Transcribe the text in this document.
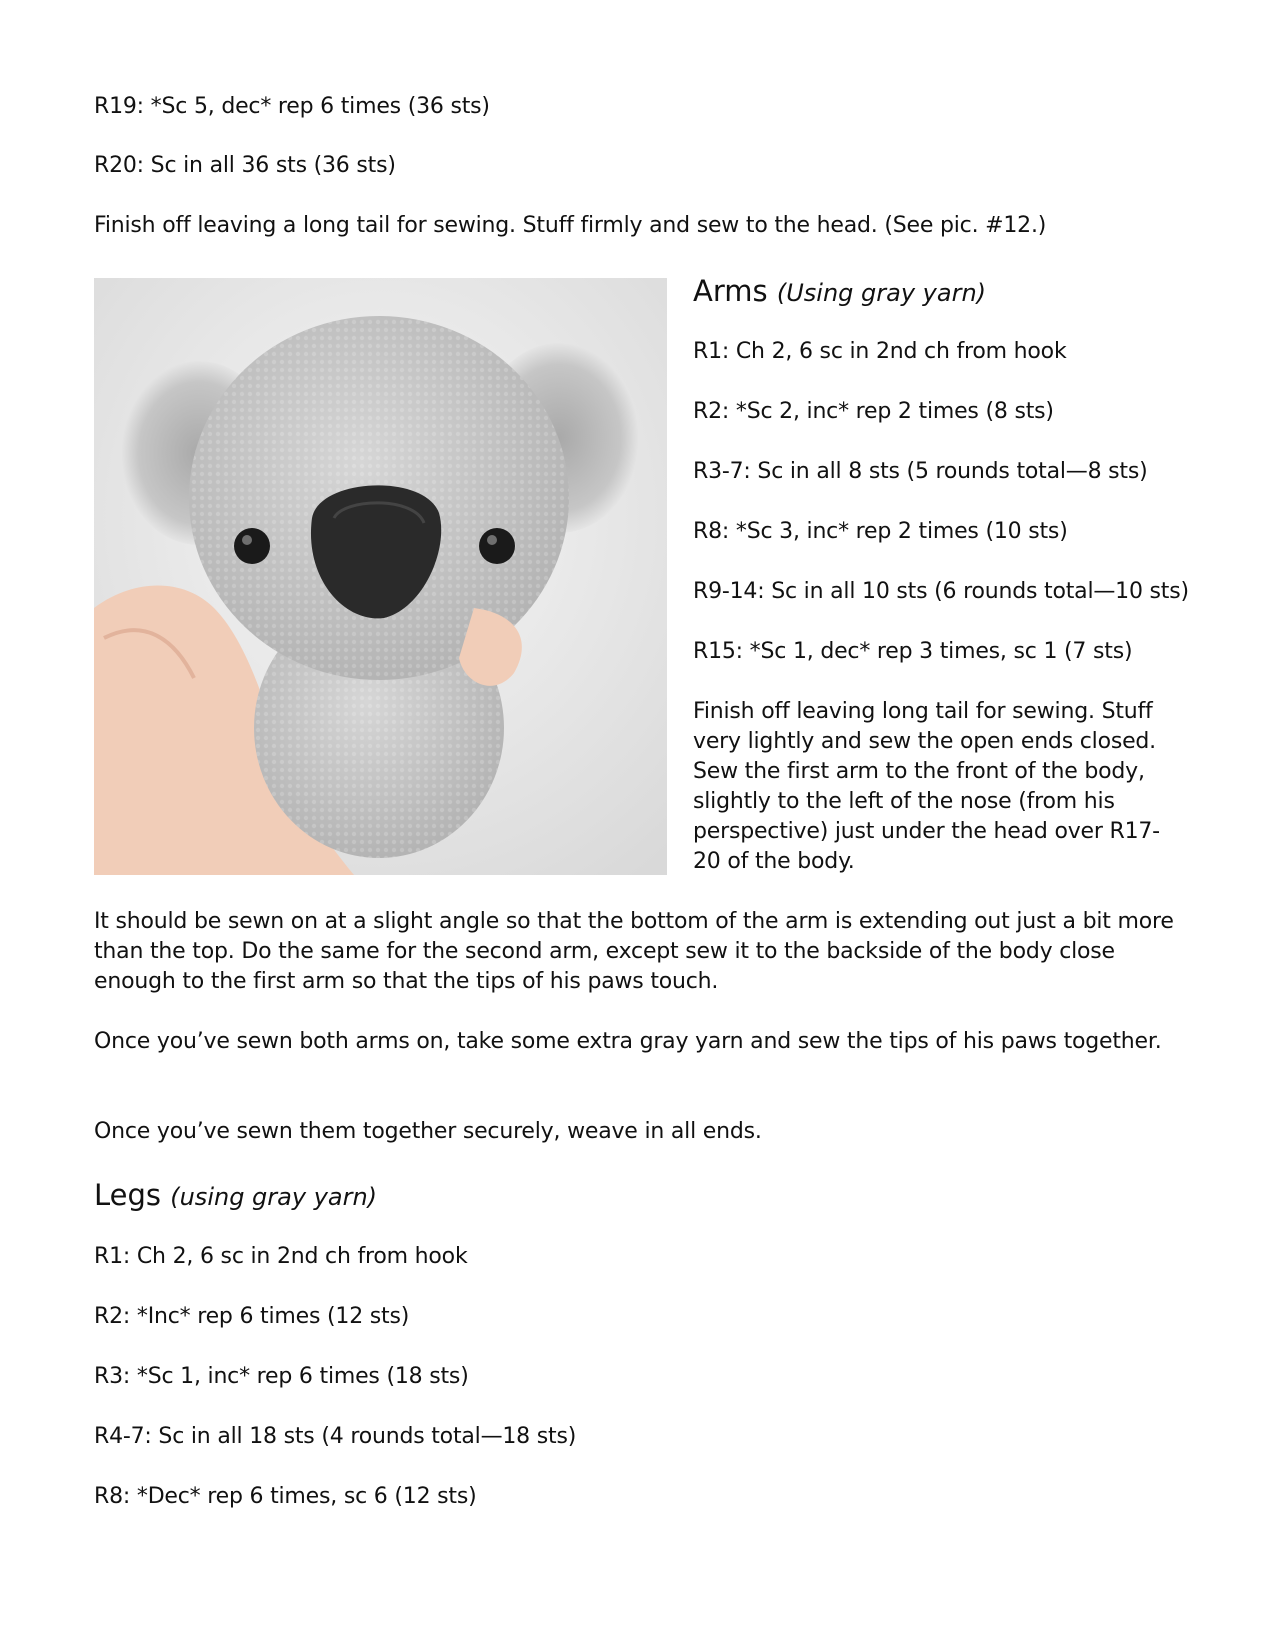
R19: *Sc 5, dec* rep 6 times (36 sts)
R20: Sc in all 36 sts (36 sts)
Finish off leaving a long tail for sewing. Stuff firmly and sew to the head. (See pic. #12.)
Arms (Using gray yarn)
R1: Ch 2, 6 sc in 2nd ch from hook
R2: *Sc 2, inc* rep 2 times (8 sts)
R3-7: Sc in all 8 sts (5 rounds total—8 sts)
R8: *Sc 3, inc* rep 2 times (10 sts)
R9-14: Sc in all 10 sts (6 rounds total—10 sts)
R15: *Sc 1, dec* rep 3 times, sc 1 (7 sts)
Finish off leaving long tail for sewing. Stuff very lightly and sew the open ends closed. Sew the first arm to the front of the body, slightly to the left of the nose (from his perspective) just under the head over R17-20 of the body.
It should be sewn on at a slight angle so that the bottom of the arm is extending out just a bit more than the top. Do the same for the second arm, except sew it to the backside of the body close enough to the first arm so that the tips of his paws touch.
Once you’ve sewn both arms on, take some extra gray yarn and sew the tips of his paws together.
Once you’ve sewn them together securely, weave in all ends.
Legs (using gray yarn)
R1: Ch 2, 6 sc in 2nd ch from hook
R2: *Inc* rep 6 times (12 sts)
R3: *Sc 1, inc* rep 6 times (18 sts)
R4-7: Sc in all 18 sts (4 rounds total—18 sts)
R8: *Dec* rep 6 times, sc 6 (12 sts)
